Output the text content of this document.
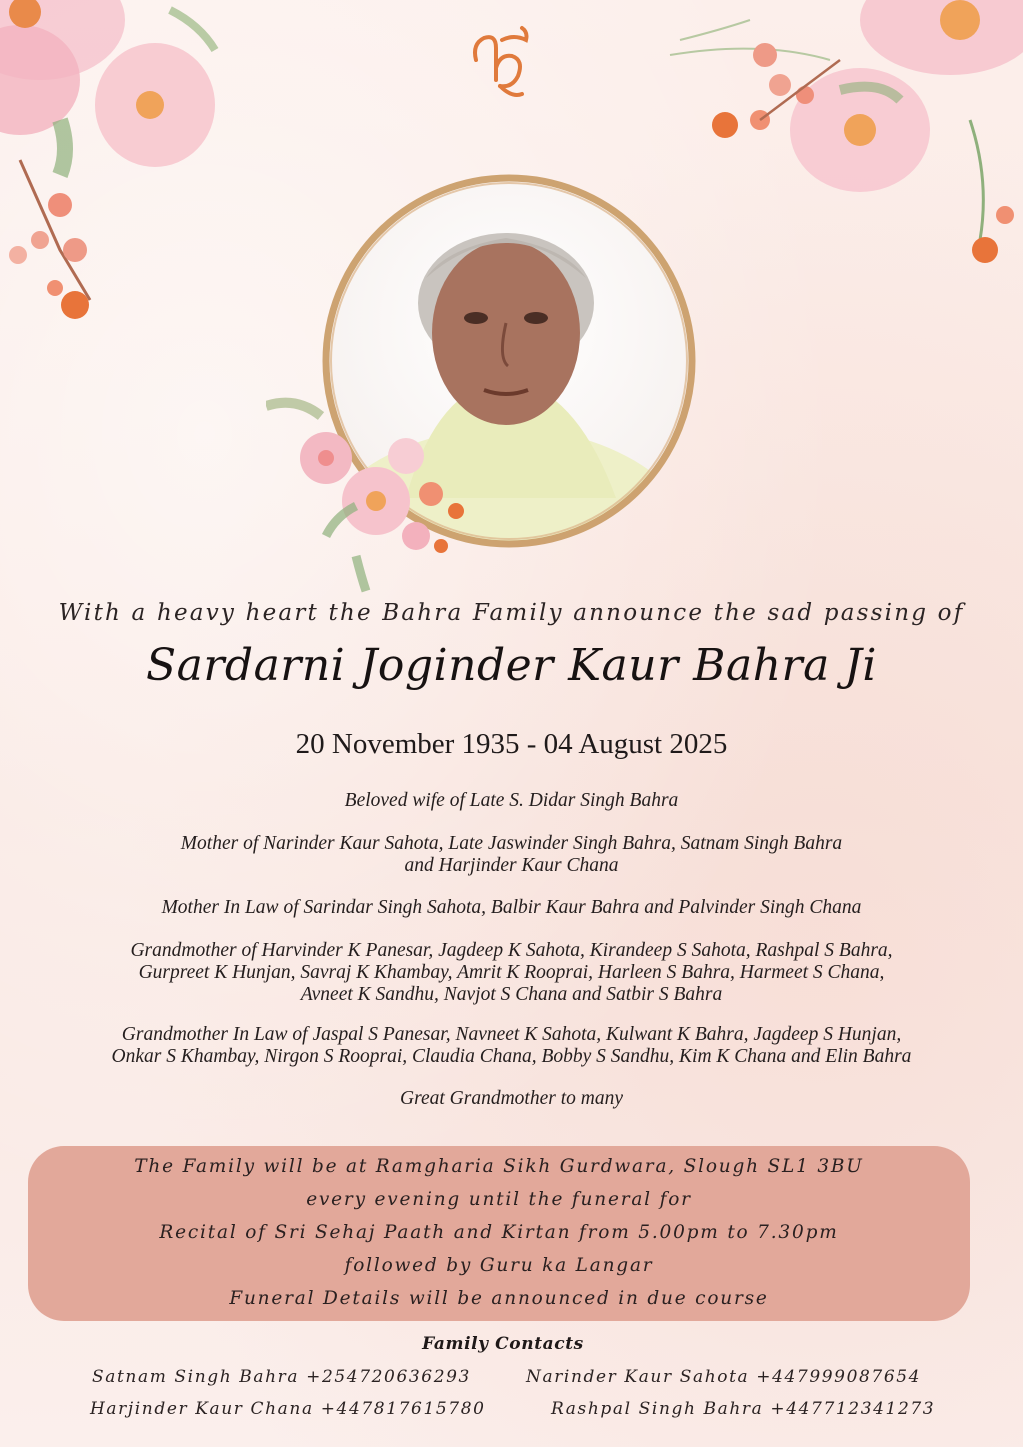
With a heavy heart the Bahra Family announce the sad passing of
Sardarni Joginder Kaur Bahra Ji
20 November 1935 - 04 August 2025

Beloved wife of Late S. Didar Singh Bahra

Mother of Narinder Kaur Sahota, Late Jaswinder Singh Bahra, Satnam Singh Bahra
and Harjinder Kaur Chana

Mother In Law of Sarindar Singh Sahota, Balbir Kaur Bahra and Palvinder Singh Chana

Grandmother of Harvinder K Panesar, Jagdeep K Sahota, Kirandeep S Sahota, Rashpal S Bahra,
Gurpreet K Hunjan, Savraj K Khambay, Amrit K Rooprai, Harleen S Bahra, Harmeet S Chana,
Avneet K Sandhu, Navjot S Chana and Satbir S Bahra

Grandmother In Law of Jaspal S Panesar, Navneet K Sahota, Kulwant K Bahra, Jagdeep S Hunjan,
Onkar S Khambay, Nirgon S Rooprai, Claudia Chana, Bobby S Sandhu, Kim K Chana and Elin Bahra

Great Grandmother to many

The Family will be at Ramgharia Sikh Gurdwara, Slough SL1 3BU
every evening until the funeral for
Recital of Sri Sehaj Paath and Kirtan from 5.00pm to 7.30pm
followed by Guru ka Langar
Funeral Details will be announced in due course
Family Contacts
Satnam Singh Bahra +254720636293	Narinder Kaur Sahota +447999087654
Harjinder Kaur Chana +447817615780	Rashpal Singh Bahra +447712341273
